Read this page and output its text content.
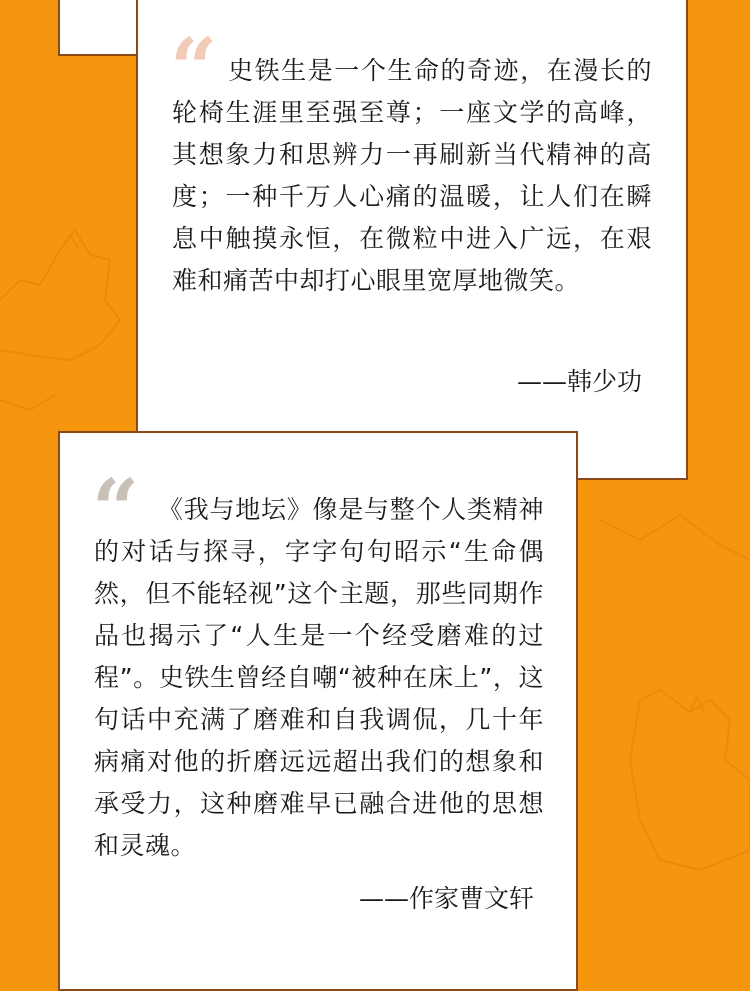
“ 史铁生是一个生命的奇迹，在漫长的轮椅生涯里至强至尊；一座文学的高峰，其想象力和思辨力一再刷新当代精神的高度；一种千万人心痛的温暖，让人们在瞬息中触摸永恒，在微粒中进入广远，在艰难和痛苦中却打心眼里宽厚地微笑。

——韩少功
“ 《我与地坛》像是与整个人类精神的对话与探寻，字字句句昭示“生命偶然，但不能轻视”这个主题，那些同期作品也揭示了“人生是一个经受磨难的过程”。史铁生曾经自嘲“被种在床上”，这句话中充满了磨难和自我调侃，几十年病痛对他的折磨远远超出我们的想象和承受力，这种磨难早已融合进他的思想和灵魂。

——作家曹文轩
